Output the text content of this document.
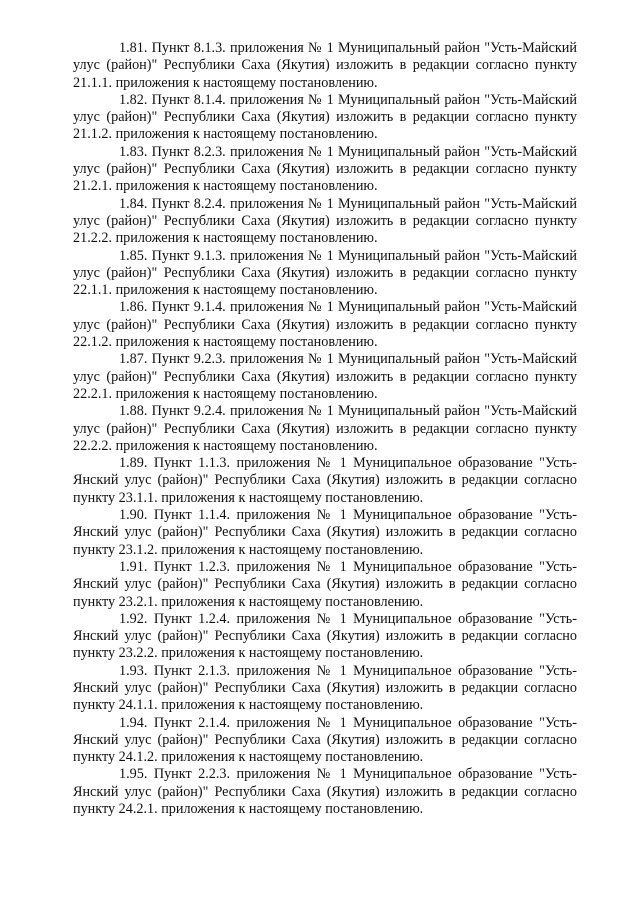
1.81. Пункт 8.1.3. приложения № 1 Муниципальный район "Усть-Майский улус (район)" Республики Саха (Якутия) изложить в редакции согласно пункту 21.1.1. приложения к настоящему постановлению.

1.82. Пункт 8.1.4. приложения № 1 Муниципальный район "Усть-Майский улус (район)" Республики Саха (Якутия) изложить в редакции согласно пункту 21.1.2. приложения к настоящему постановлению.

1.83. Пункт 8.2.3. приложения № 1 Муниципальный район "Усть-Майский улус (район)" Республики Саха (Якутия) изложить в редакции согласно пункту 21.2.1. приложения к настоящему постановлению.

1.84. Пункт 8.2.4. приложения № 1 Муниципальный район "Усть-Майский улус (район)" Республики Саха (Якутия) изложить в редакции согласно пункту 21.2.2. приложения к настоящему постановлению.

1.85. Пункт 9.1.3. приложения № 1 Муниципальный район "Усть-Майский улус (район)" Республики Саха (Якутия) изложить в редакции согласно пункту 22.1.1. приложения к настоящему постановлению.

1.86. Пункт 9.1.4. приложения № 1 Муниципальный район "Усть-Майский улус (район)" Республики Саха (Якутия) изложить в редакции согласно пункту 22.1.2. приложения к настоящему постановлению.

1.87. Пункт 9.2.3. приложения № 1 Муниципальный район "Усть-Майский улус (район)" Республики Саха (Якутия) изложить в редакции согласно пункту 22.2.1. приложения к настоящему постановлению.

1.88. Пункт 9.2.4. приложения № 1 Муниципальный район "Усть-Майский улус (район)" Республики Саха (Якутия) изложить в редакции согласно пункту 22.2.2. приложения к настоящему постановлению.

1.89. Пункт 1.1.3. приложения № 1 Муниципальное образование "Усть-Янский улус (район)" Республики Саха (Якутия) изложить в редакции согласно пункту 23.1.1. приложения к настоящему постановлению.

1.90. Пункт 1.1.4. приложения № 1 Муниципальное образование "Усть-Янский улус (район)" Республики Саха (Якутия) изложить в редакции согласно пункту 23.1.2. приложения к настоящему постановлению.

1.91. Пункт 1.2.3. приложения № 1 Муниципальное образование "Усть-Янский улус (район)" Республики Саха (Якутия) изложить в редакции согласно пункту 23.2.1. приложения к настоящему постановлению.

1.92. Пункт 1.2.4. приложения № 1 Муниципальное образование "Усть-Янский улус (район)" Республики Саха (Якутия) изложить в редакции согласно пункту 23.2.2. приложения к настоящему постановлению.

1.93. Пункт 2.1.3. приложения № 1 Муниципальное образование "Усть-Янский улус (район)" Республики Саха (Якутия) изложить в редакции согласно пункту 24.1.1. приложения к настоящему постановлению.

1.94. Пункт 2.1.4. приложения № 1 Муниципальное образование "Усть-Янский улус (район)" Республики Саха (Якутия) изложить в редакции согласно пункту 24.1.2. приложения к настоящему постановлению.

1.95. Пункт 2.2.3. приложения № 1 Муниципальное образование "Усть-Янский улус (район)" Республики Саха (Якутия) изложить в редакции согласно пункту 24.2.1. приложения к настоящему постановлению.
